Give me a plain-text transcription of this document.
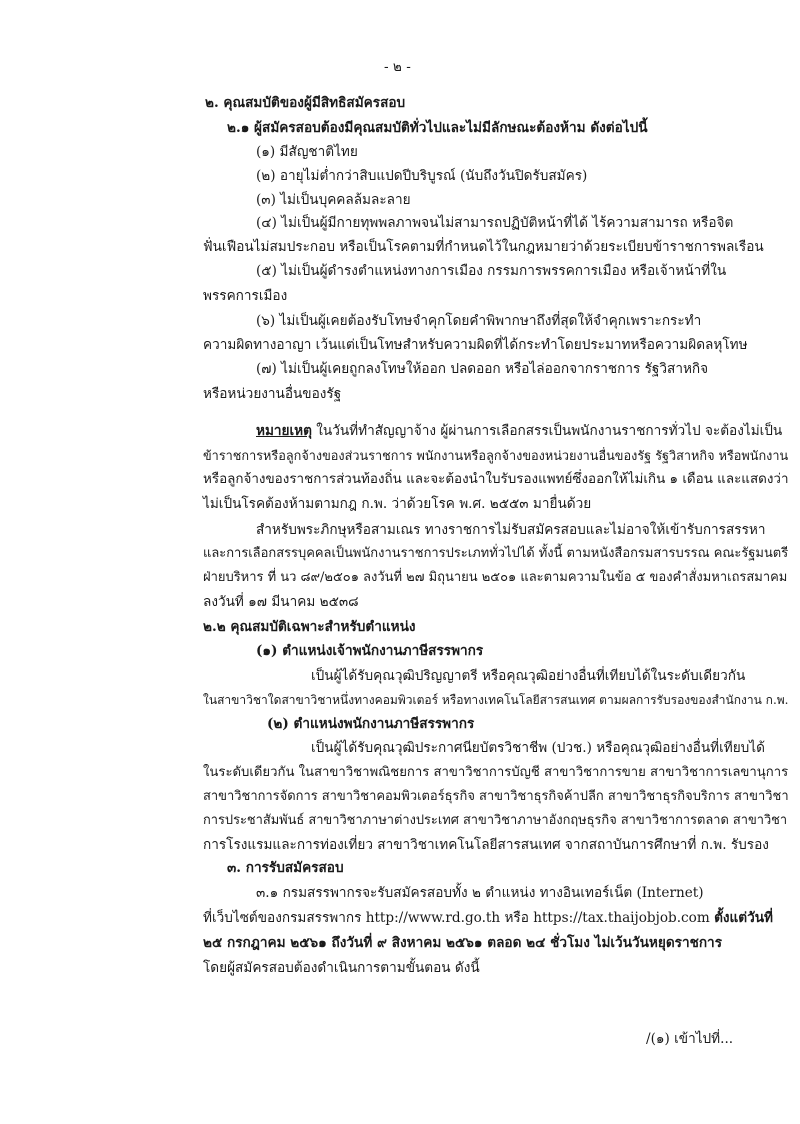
- ๒ -
๒. คุณสมบัติของผู้มีสิทธิสมัครสอบ
๒.๑ ผู้สมัครสอบต้องมีคุณสมบัติทั่วไปและไม่มีลักษณะต้องห้าม ดังต่อไปนี้
(๑) มีสัญชาติไทย
(๒) อายุไม่ต่ำกว่าสิบแปดปีบริบูรณ์ (นับถึงวันปิดรับสมัคร)
(๓) ไม่เป็นบุคคลล้มละลาย
(๔) ไม่เป็นผู้มีกายทุพพลภาพจนไม่สามารถปฏิบัติหน้าที่ได้ ไร้ความสามารถ หรือจิต
ฟั่นเฟือนไม่สมประกอบ หรือเป็นโรคตามที่กำหนดไว้ในกฎหมายว่าด้วยระเบียบข้าราชการพลเรือน
(๕) ไม่เป็นผู้ดำรงตำแหน่งทางการเมือง กรรมการพรรคการเมือง หรือเจ้าหน้าที่ใน
พรรคการเมือง
(๖) ไม่เป็นผู้เคยต้องรับโทษจำคุกโดยคำพิพากษาถึงที่สุดให้จำคุกเพราะกระทำ
ความผิดทางอาญา เว้นแต่เป็นโทษสำหรับความผิดที่ได้กระทำโดยประมาทหรือความผิดลหุโทษ
(๗) ไม่เป็นผู้เคยถูกลงโทษให้ออก ปลดออก หรือไล่ออกจากราชการ รัฐวิสาหกิจ
หรือหน่วยงานอื่นของรัฐ
หมายเหตุ ในวันที่ทำสัญญาจ้าง ผู้ผ่านการเลือกสรรเป็นพนักงานราชการทั่วไป จะต้องไม่เป็น
ข้าราชการหรือลูกจ้างของส่วนราชการ พนักงานหรือลูกจ้างของหน่วยงานอื่นของรัฐ รัฐวิสาหกิจ หรือพนักงาน
หรือลูกจ้างของราชการส่วนท้องถิ่น และจะต้องนำใบรับรองแพทย์ซึ่งออกให้ไม่เกิน ๑ เดือน และแสดงว่า
ไม่เป็นโรคต้องห้ามตามกฎ ก.พ. ว่าด้วยโรค พ.ศ. ๒๕๕๓ มายื่นด้วย
สำหรับพระภิกษุหรือสามเณร ทางราชการไม่รับสมัครสอบและไม่อาจให้เข้ารับการสรรหา
และการเลือกสรรบุคคลเป็นพนักงานราชการประเภททั่วไปได้ ทั้งนี้ ตามหนังสือกรมสารบรรณ คณะรัฐมนตรี
ฝ่ายบริหาร ที่ นว ๘๙/๒๕๐๑ ลงวันที่ ๒๗ มิถุนายน ๒๕๐๑ และตามความในข้อ ๕ ของคำสั่งมหาเถรสมาคม
ลงวันที่ ๑๗ มีนาคม ๒๕๓๘
๒.๒ คุณสมบัติเฉพาะสำหรับตำแหน่ง
(๑) ตำแหน่งเจ้าพนักงานภาษีสรรพากร
เป็นผู้ได้รับคุณวุฒิปริญญาตรี หรือคุณวุฒิอย่างอื่นที่เทียบได้ในระดับเดียวกัน
ในสาขาวิชาใดสาขาวิชาหนึ่งทางคอมพิวเตอร์ หรือทางเทคโนโลยีสารสนเทศ ตามผลการรับรองของสำนักงาน ก.พ.
(๒) ตำแหน่งพนักงานภาษีสรรพากร
เป็นผู้ได้รับคุณวุฒิประกาศนียบัตรวิชาชีพ (ปวช.) หรือคุณวุฒิอย่างอื่นที่เทียบได้
ในระดับเดียวกัน ในสาขาวิชาพณิชยการ สาขาวิชาการบัญชี สาขาวิชาการขาย สาขาวิชาการเลขานุการ
สาขาวิชาการจัดการ สาขาวิชาคอมพิวเตอร์ธุรกิจ สาขาวิชาธุรกิจค้าปลีก สาขาวิชาธุรกิจบริการ สาขาวิชา
การประชาสัมพันธ์ สาขาวิชาภาษาต่างประเทศ สาขาวิชาภาษาอังกฤษธุรกิจ สาขาวิชาการตลาด สาขาวิชา
การโรงแรมและการท่องเที่ยว สาขาวิชาเทคโนโลยีสารสนเทศ จากสถาบันการศึกษาที่ ก.พ. รับรอง
๓. การรับสมัครสอบ
๓.๑ กรมสรรพากรจะรับสมัครสอบทั้ง ๒ ตำแหน่ง ทางอินเทอร์เน็ต (Internet)
ที่เว็บไซต์ของกรมสรรพากร http://www.rd.go.th หรือ https://tax.thaijobjob.com ตั้งแต่วันที่
๒๕ กรกฎาคม ๒๕๖๑ ถึงวันที่ ๙ สิงหาคม ๒๕๖๑ ตลอด ๒๔ ชั่วโมง ไม่เว้นวันหยุดราชการ
โดยผู้สมัครสอบต้องดำเนินการตามขั้นตอน ดังนี้
/(๑) เข้าไปที่...
